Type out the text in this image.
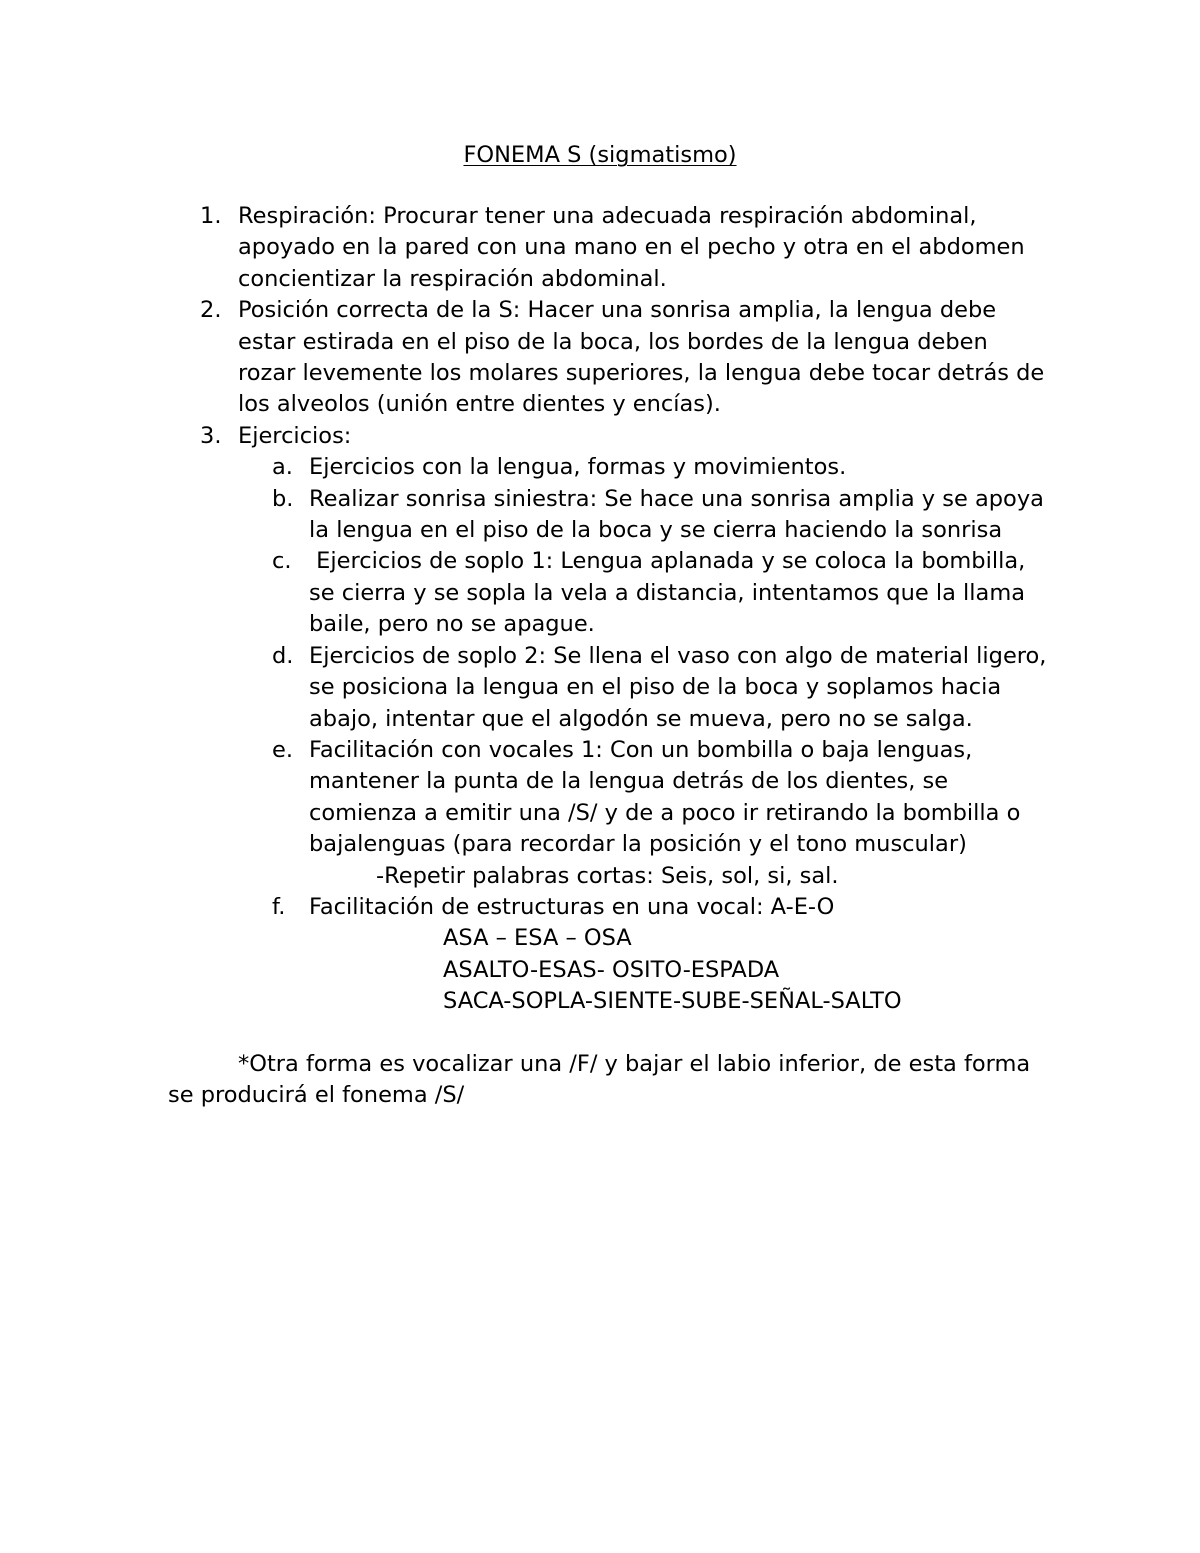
FONEMA S (sigmatismo)
1. Respiración: Procurar tener una adecuada respiración abdominal, apoyado en la pared con una mano en el pecho y otra en el abdomen concientizar la respiración abdominal.
2. Posición correcta de la S: Hacer una sonrisa amplia, la lengua debe estar estirada en el piso de la boca, los bordes de la lengua deben rozar levemente los molares superiores, la lengua debe tocar detrás de los alveolos (unión entre dientes y encías).
3. Ejercicios:
a. Ejercicios con la lengua, formas y movimientos.
b. Realizar sonrisa siniestra: Se hace una sonrisa amplia y se apoya la lengua en el piso de la boca y se cierra haciendo la sonrisa
c. Ejercicios de soplo 1: Lengua aplanada y se coloca la bombilla, se cierra y se sopla la vela a distancia, intentamos que la llama baile, pero no se apague.
d. Ejercicios de soplo 2: Se llena el vaso con algo de material ligero, se posiciona la lengua en el piso de la boca y soplamos hacia abajo, intentar que el algodón se mueva, pero no se salga.
e. Facilitación con vocales 1: Con un bombilla o baja lenguas, mantener la punta de la lengua detrás de los dientes, se comienza a emitir una /S/ y de a poco ir retirando la bombilla o bajalenguas (para recordar la posición y el tono muscular)
-Repetir palabras cortas: Seis, sol, si, sal.
f. Facilitación de estructuras en una vocal: A-E-O
ASA – ESA – OSA
ASALTO-ESAS- OSITO-ESPADA
SACA-SOPLA-SIENTE-SUBE-SEÑAL-SALTO
*Otra forma es vocalizar una /F/ y bajar el labio inferior, de esta forma se producirá el fonema /S/
